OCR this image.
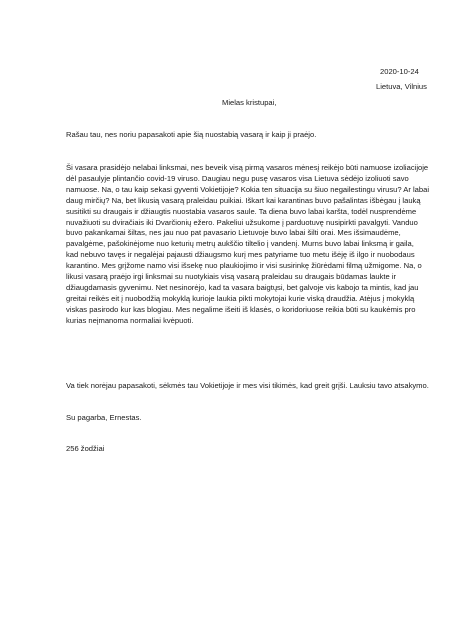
2020-10-24

Lietuva, Vilnius

Mielas kristupai,

Rašau tau, nes noriu papasakoti apie šią nuostabią vasarą ir kaip ji praėjo.

Ši vasara prasidėjo nelabai linksmai, nes beveik visą pirmą vasaros mėnesį reikėjo būti namuose izoliacijoje
dėl pasaulyje plintančio covid-19 viruso. Daugiau negu pusę vasaros visa Lietuva sėdėjo izoliuoti savo
namuose. Na, o tau kaip sekasi gyventi Vokietijoje? Kokia ten situacija su šiuo negailestingu virusu? Ar labai
daug mirčių? Na, bet likusią vasarą praleidau puikiai. Iškart kai karantinas buvo pašalintas išbėgau į lauką
susitikti su draugais ir džiaugtis nuostabia vasaros saule. Ta diena buvo labai karšta, todėl nusprendėme
nuvažiuoti su dviračiais iki Dvarčionių ežero. Pakeliui užsukome į parduotuvę nusipirkti pavalgyti. Vanduo
buvo pakankamai šiltas, nes jau nuo pat pavasario Lietuvoje buvo labai šilti orai. Mes išsimaudėme,
pavalgėme, pašokinėjome nuo keturių metrų aukščio tiltelio į vandenį. Murns buvo labai linksmą ir gaila,
kad nebuvo tavęs ir negalėjai pajausti džiaugsmo kurį mes patyriame tuo metu išėję iš ilgo ir nuobodaus
karantino. Mes grįžome namo visi išsekę nuo plaukiojimo ir visi susirinkę žiūrėdami filmą užmigome. Na, o
likusi vasarą praėjo irgi linksmai su nuotykiais visą vasarą praleidau su draugais būdamas laukte ir
džiaugdamasis gyvenimu. Net nesinorėjo, kad ta vasara baigtųsi, bet galvoje vis kabojo ta mintis, kad jau
greitai reikės eit į nuobodžią mokyklą kurioje laukia pikti mokytojai kurie viską draudžia. Atėjus į mokyklą
viskas pasirodo kur kas blogiau. Mes negalime išeiti iš klasės, o koridoriuose reikia būti su kaukėmis pro
kurias neįmanoma normaliai kvėpuoti.

Va tiek norėjau papasakoti, sėkmės tau Vokietijoje ir mes visi tikimės, kad greit grįši. Lauksiu tavo atsakymo.

Su pagarba, Ernestas.

256 žodžiai
